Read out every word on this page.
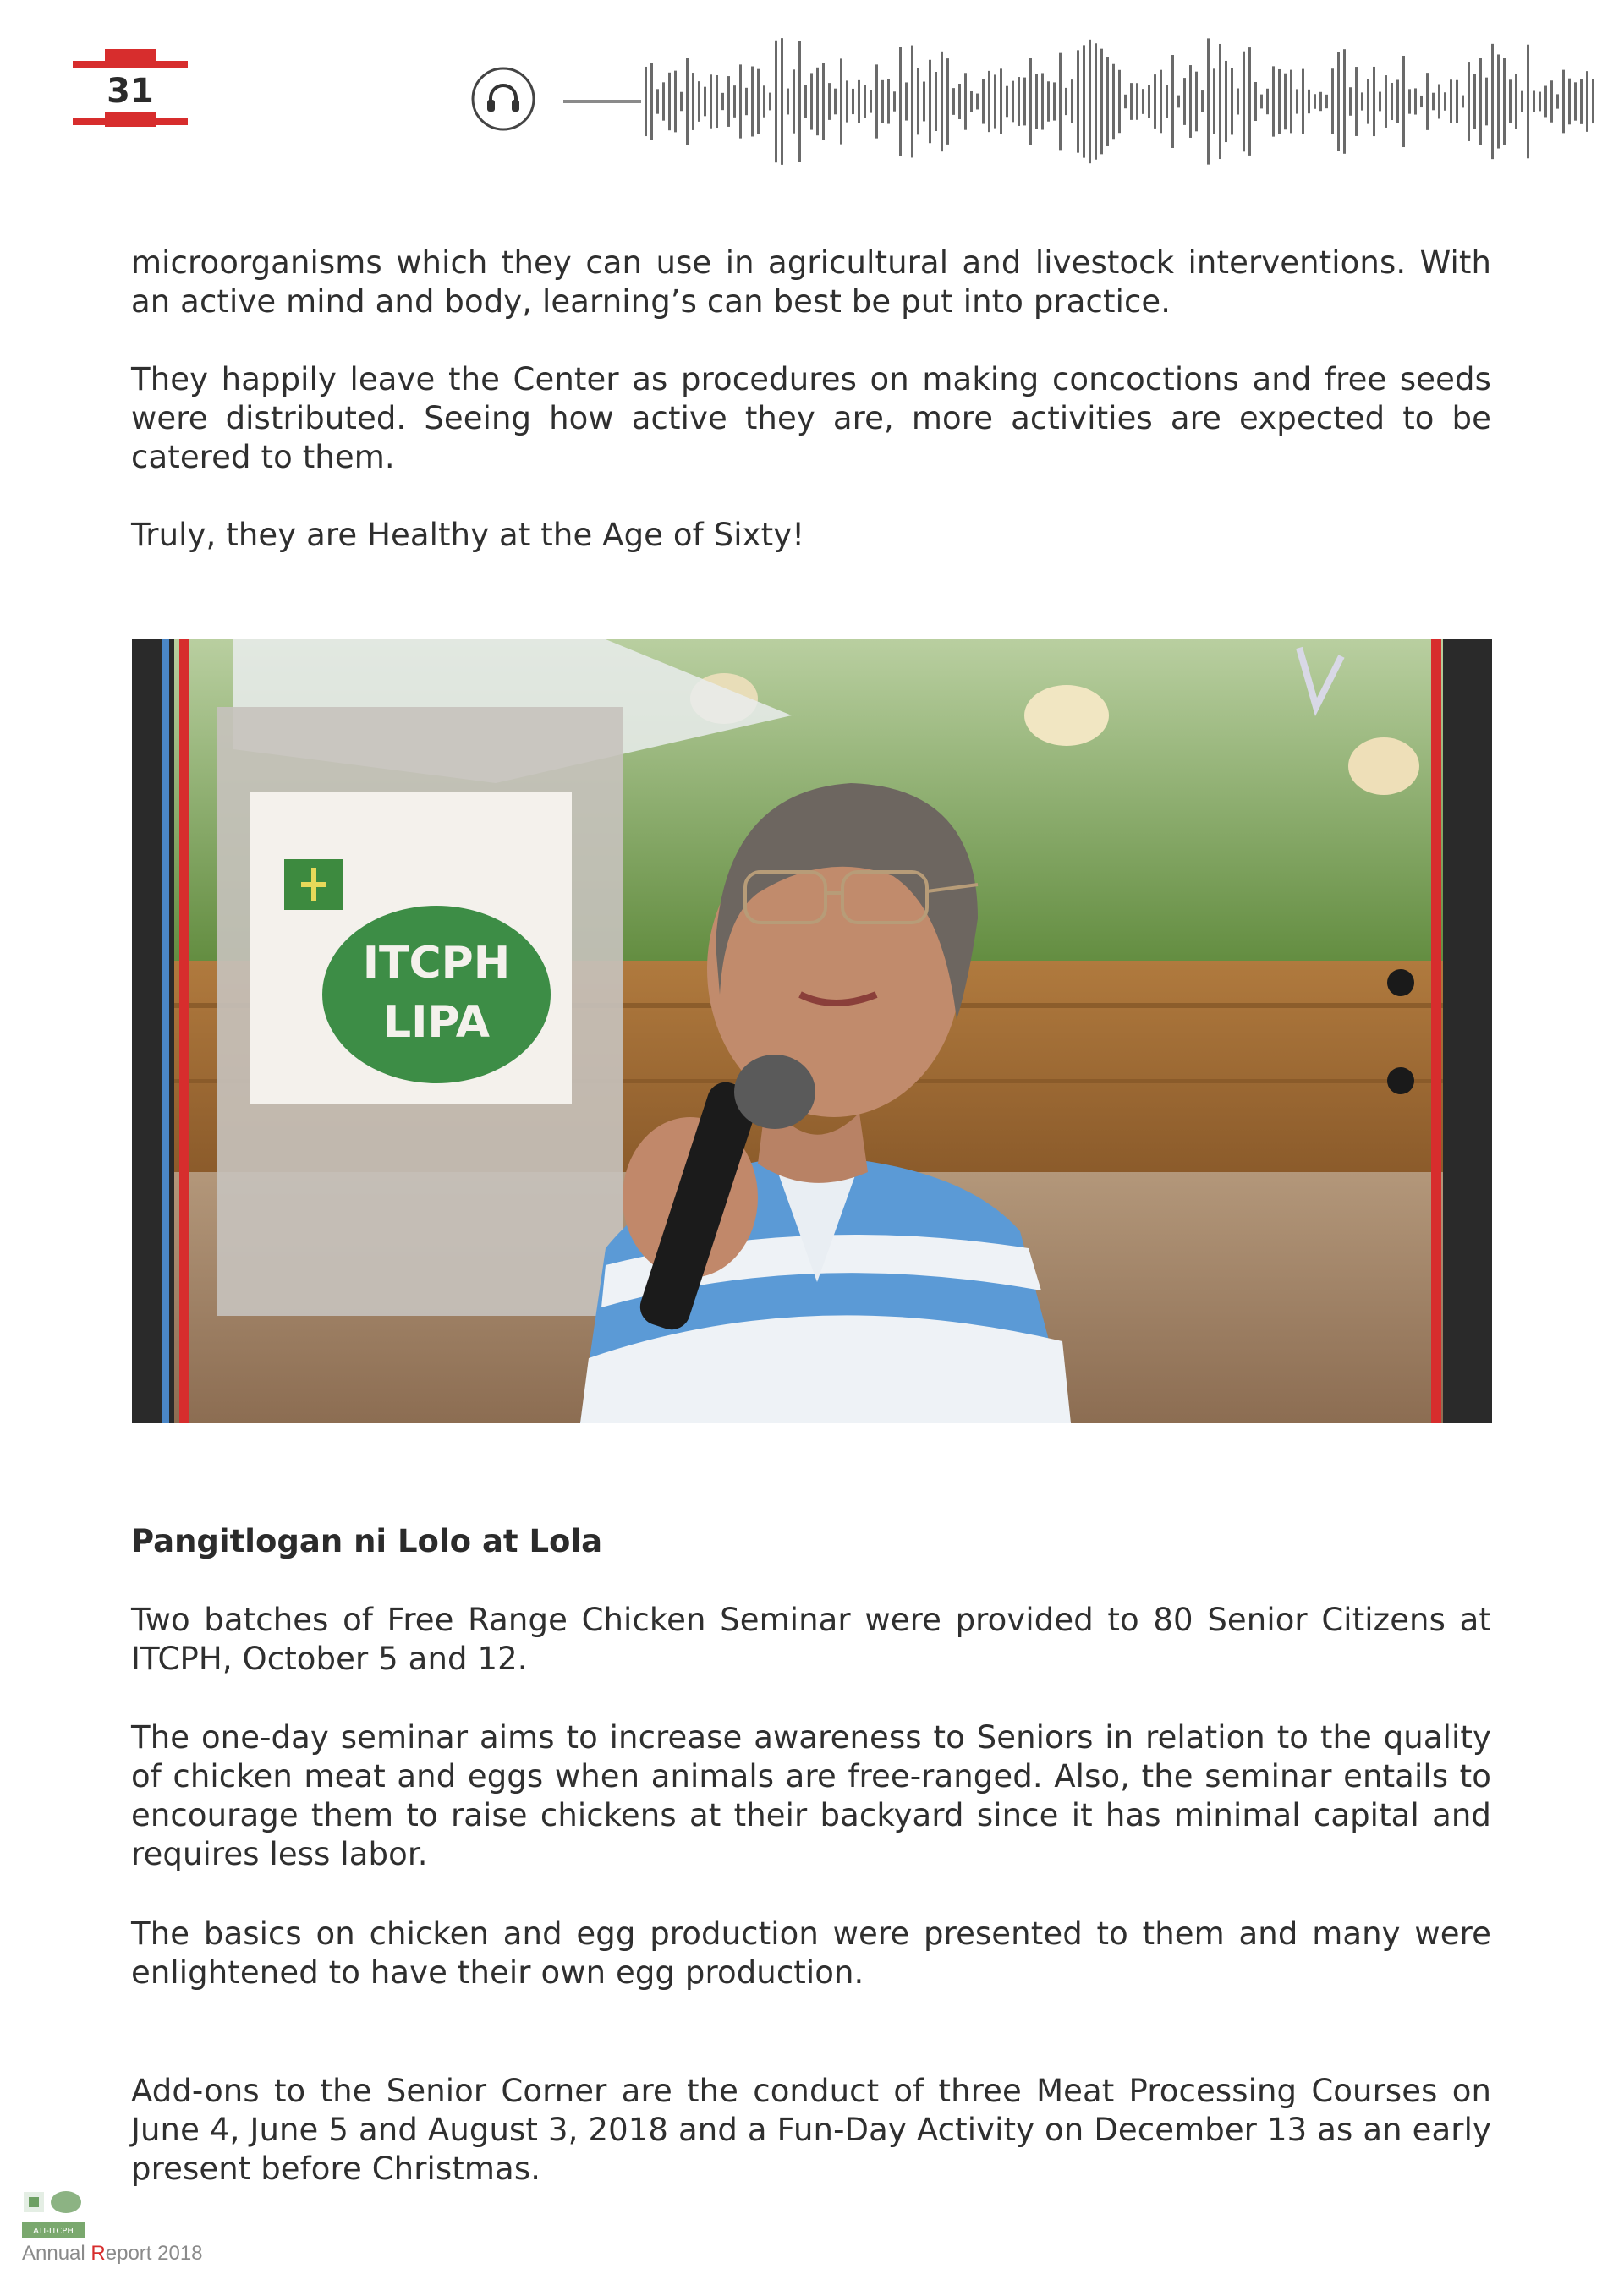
31

microorganisms which they can use in agricultural and livestock interventions. With an active mind and body, learning’s can best be put into practice.

They happily leave the Center as procedures on making concoctions and free seeds were distributed. Seeing how active they are, more activities are expected to be catered to them.

Truly, they are Healthy at the Age of Sixty!

ITCPH
LIPA
Pangitlogan ni Lolo at Lola

Two batches of Free Range Chicken Seminar were provided to 80 Senior Citizens at ITCPH, October 5 and 12.

The one-day seminar aims to increase awareness to Seniors in relation to the quality of chicken meat and eggs when animals are free-ranged. Also, the seminar entails to encourage them to raise chickens at their backyard since it has minimal capital and requires less labor.

The basics on chicken and egg production were presented to them and many were enlightened to have their own egg production.

Add-ons to the Senior Corner are the conduct of three Meat Processing Courses on June 4, June 5 and August 3, 2018 and a Fun-Day Activity on December 13 as an early present before Christmas.

ATI-ITCPH
Annual Report 2018
